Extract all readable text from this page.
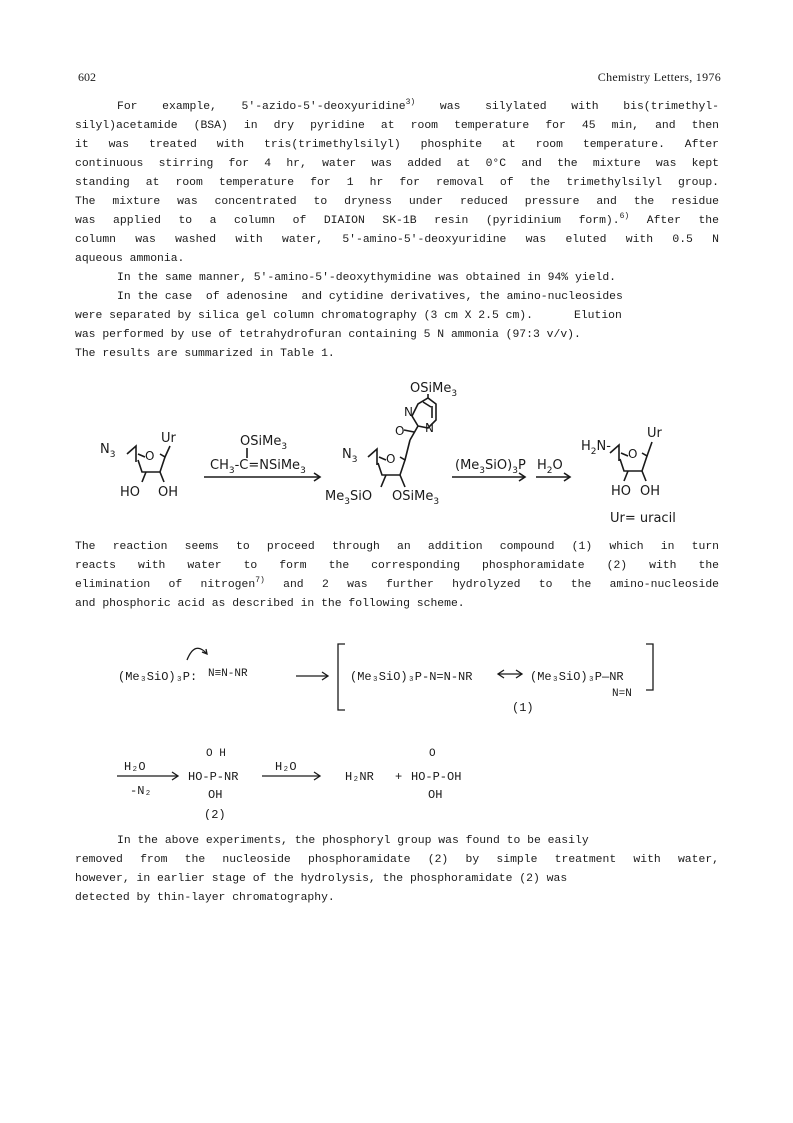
602	Chemistry Letters, 1976
For example, 5'-azido-5'-deoxyuridine$^{3)}$ was silylated with bis(trimethyl-
silyl)acetamide (BSA) in dry pyridine at room temperature for 45 min, and then
it was treated with tris(trimethylsilyl) phosphite at room temperature. After
continuous stirring for 4 hr, water was added at 0°C and the mixture was kept
standing at room temperature for 1 hr for removal of the trimethylsilyl group.
The mixture was concentrated to dryness under reduced pressure and the residue
was applied to a column of DIAION SK-1B resin (pyridinium form).$^{6)}$ After the
column was washed with water, 5'-amino-5'-deoxyuridine was eluted with 0.5 N
aqueous ammonia.
In the same manner, 5'-amino-5'-deoxythymidine was obtained in 94% yield.
In the case  of adenosine  and cytidine derivatives, the amino-nucleosides
were separated by silica gel column chromatography (3 cm X 2.5 cm).      Elution
was performed by use of tetrahydrofuran containing 5 N ammonia (97:3 v/v).
The results are summarized in Table 1.
$N_3$
Ur
O
HO OH
OSiMe$_3$
$CH_3-C=NSiMe_3$
OSiMe$_3$
N
O N
$N_3$ O
$Me_3SiO$ OSiMe$_3$
$(Me_3SiO)_3P$ $H_2O$
$H_2N-$
Ur
O
HO OH
Ur= uracil
The reaction seems to proceed through an addition compound (1) which in turn
reacts with water to form the corresponding phosphoramidate (2) with the
elimination of nitrogen$^{7)}$ and 2 was further hydrolyzed to the amino-nucleoside
and phosphoric acid as described in the following scheme.
(Me₃SiO)₃P: N≡N-NR	(Me₃SiO)₃P-N=N-NR	(Me₃SiO)₃P—NR
N=N
(1)
H₂O
-N₂
O H
HO-P-NR
OH
(2)
H₂O
H₂NR +
O
HO-P-OH
OH
In the above experiments, the phosphoryl group was found to be easily
removed from the nucleoside phosphoramidate (2) by simple treatment with water,
however, in earlier stage of the hydrolysis, the phosphoramidate (2) was
detected by thin-layer chromatography.
